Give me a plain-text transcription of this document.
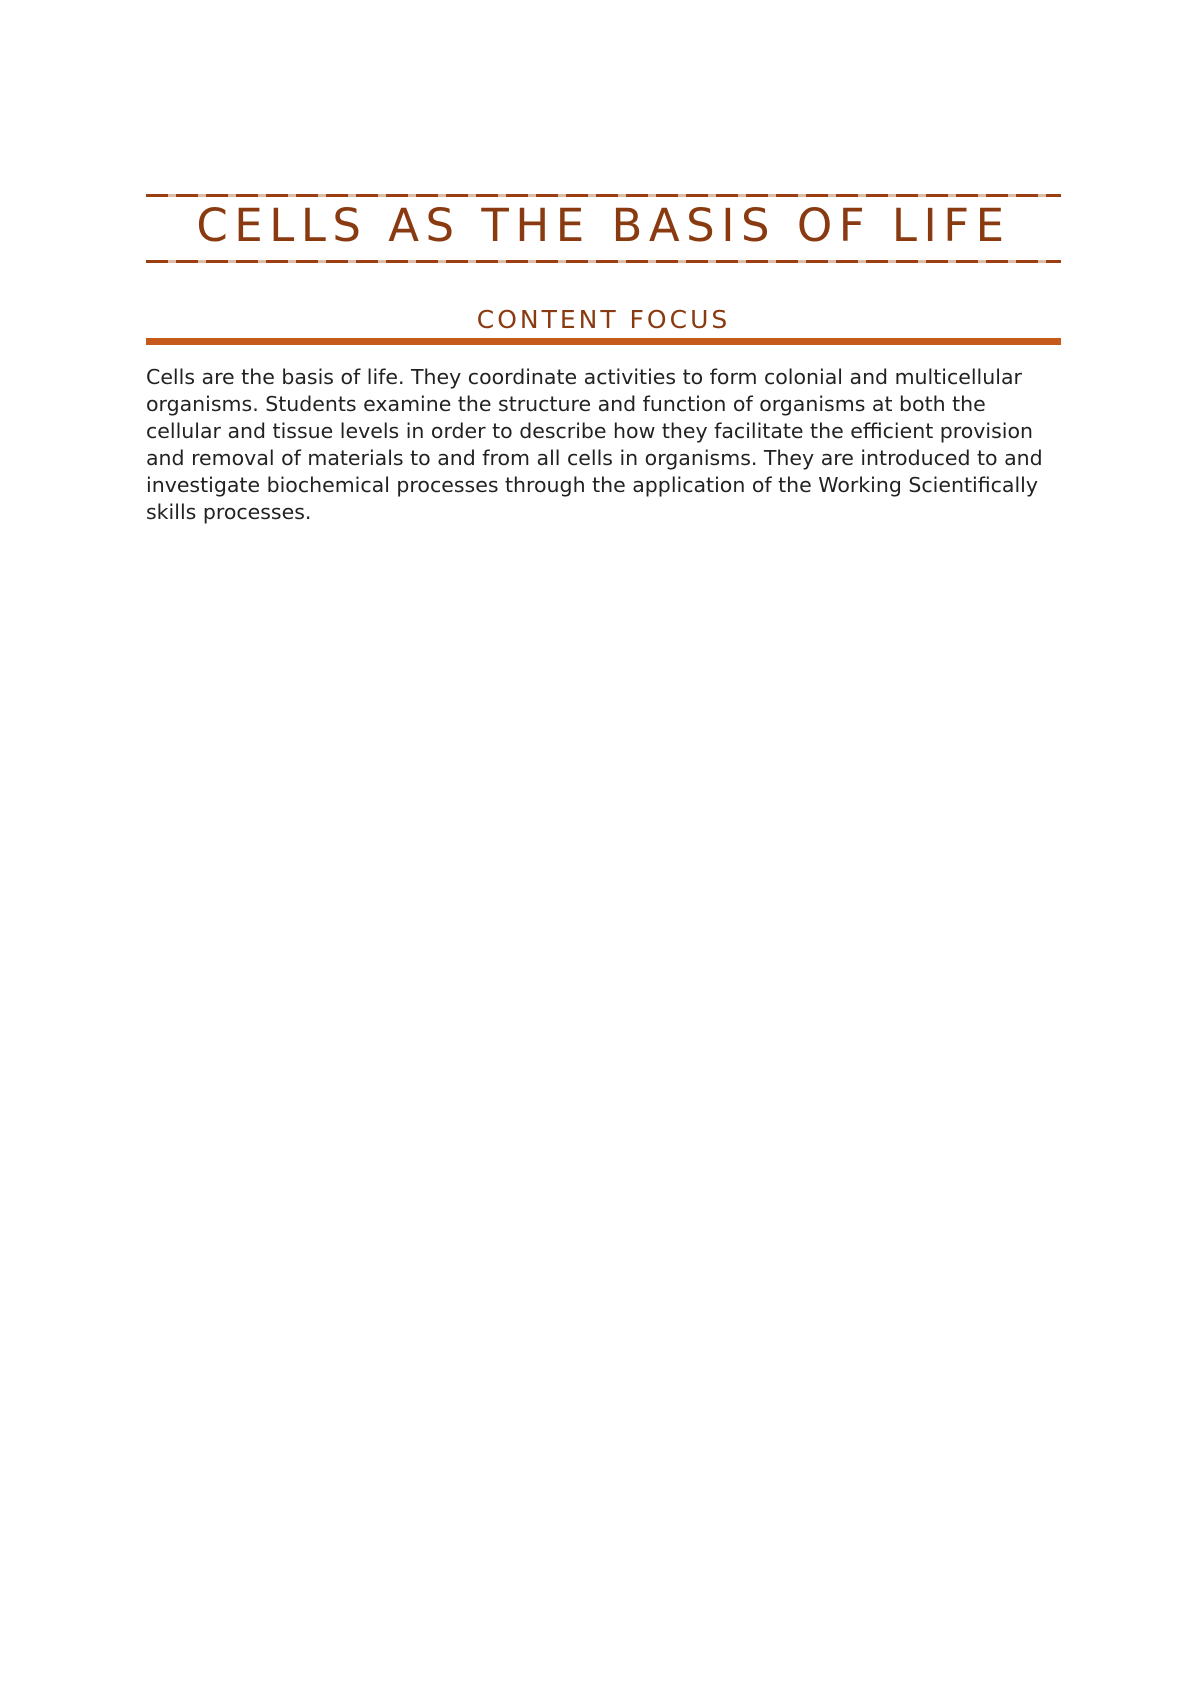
CELLS AS THE BASIS OF LIFE
CONTENT FOCUS

Cells are the basis of life. They coordinate activities to form colonial and multicellular organisms. Students examine the structure and function of organisms at both the cellular and tissue levels in order to describe how they facilitate the efficient provision and removal of materials to and from all cells in organisms. They are introduced to and investigate biochemical processes through the application of the Working Scientifically skills processes.
